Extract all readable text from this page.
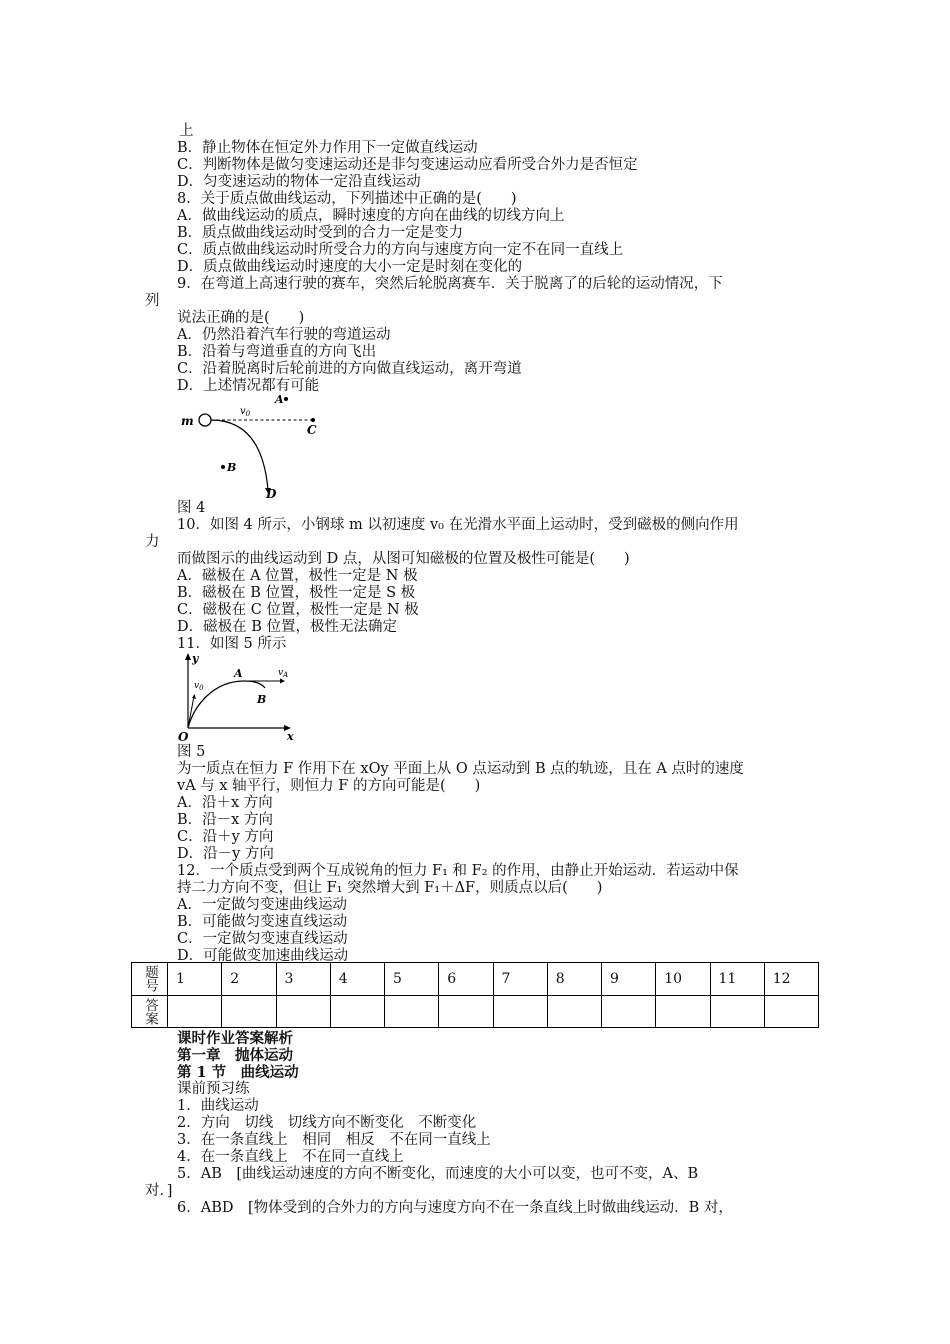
上
B．静止物体在恒定外力作用下一定做直线运动
C．判断物体是做匀变速运动还是非匀变速运动应看所受合外力是否恒定
D．匀变速运动的物体一定沿直线运动
8．关于质点做曲线运动，下列描述中正确的是(　　)
A．做曲线运动的质点，瞬时速度的方向在曲线的切线方向上
B．质点做曲线运动时受到的合力一定是变力
C．质点做曲线运动时所受合力的方向与速度方向一定不在同一直线上
D．质点做曲线运动时速度的大小一定是时刻在变化的
9．在弯道上高速行驶的赛车，突然后轮脱离赛车．关于脱离了的后轮的运动情况，下
列
说法正确的是(　　)
A．仍然沿着汽车行驶的弯道运动
B．沿着与弯道垂直的方向飞出
C．沿着脱离时后轮前进的方向做直线运动，离开弯道
D．上述情况都有可能
m
$v_0$
A
C
B
D
图 4
10．如图 4 所示，小钢球 m 以初速度 v₀ 在光滑水平面上运动时，受到磁极的侧向作用
力
而做图示的曲线运动到 D 点，从图可知磁极的位置及极性可能是(　　)
A．磁极在 A 位置，极性一定是 N 极
B．磁极在 B 位置，极性一定是 S 极
C．磁极在 C 位置，极性一定是 N 极
D．磁极在 B 位置，极性无法确定
11．如图 5 所示
y
x
O
A
B
$v_0$
$v_A$
图 5
为一质点在恒力 F 作用下在 xOy 平面上从 O 点运动到 B 点的轨迹，且在 A 点时的速度
vA 与 x 轴平行，则恒力 F 的方向可能是(　　)
A．沿＋x 方向
B．沿－x 方向
C．沿＋y 方向
D．沿－y 方向
12．一个质点受到两个互成锐角的恒力 F₁ 和 F₂ 的作用，由静止开始运动．若运动中保
持二力方向不变，但让 F₁ 突然增大到 F₁＋ΔF，则质点以后(　　)
A．一定做匀变速曲线运动
B．可能做匀变速直线运动
C．一定做匀变速直线运动
D．可能做变加速曲线运动
题号	1	2	3	4	5	6	7	8	9	10	11	12
答案												
课时作业答案解析
第一章　抛体运动
第 1 节　曲线运动
课前预习练
1．曲线运动
2．方向　切线　切线方向不断变化　不断变化
3．在一条直线上　相同　相反　不在同一直线上
4．在一条直线上　不在同一直线上
5．AB　[曲线运动速度的方向不断变化，而速度的大小可以变，也可不变，A、B
对．]
6．ABD　[物体受到的合外力的方向与速度方向不在一条直线上时做曲线运动．B 对，
